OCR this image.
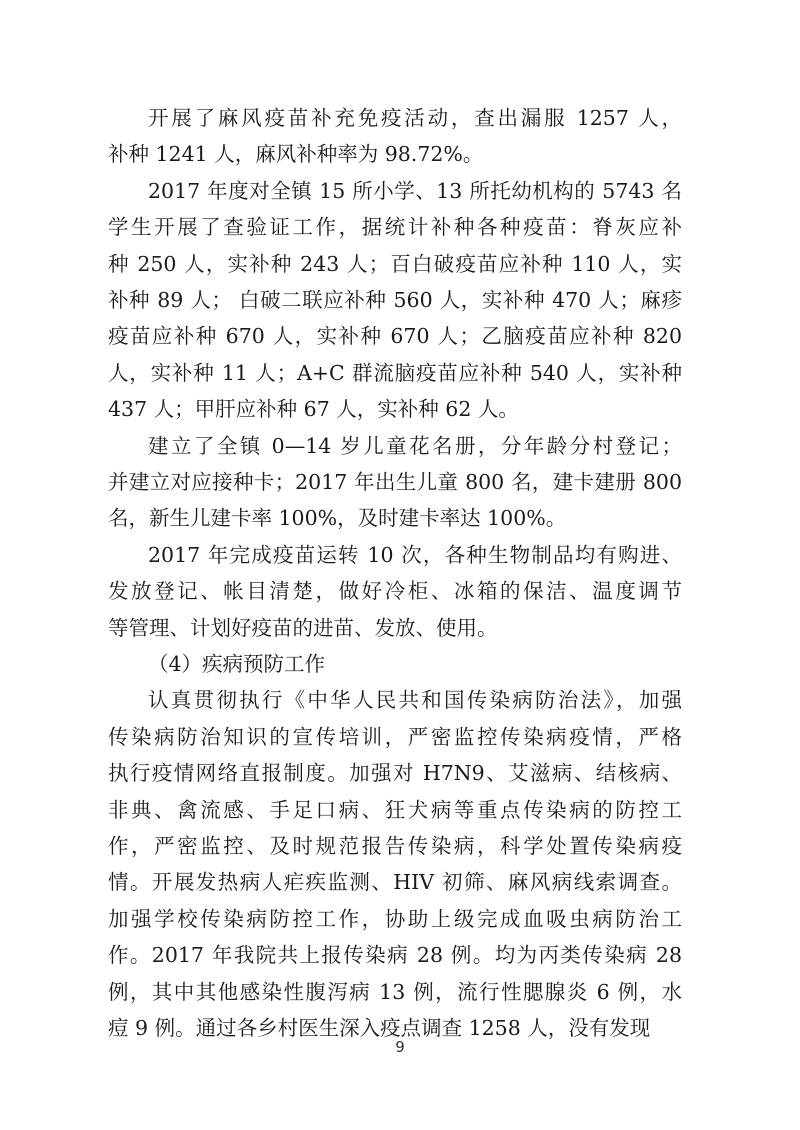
开展了麻风疫苗补充免疫活动，查出漏服 1257 人，
补种 1241 人，麻风补种率为 98.72%。
2017 年度对全镇 15 所小学、13 所托幼机构的 5743 名
学生开展了查验证工作，据统计补种各种疫苗：脊灰应补
种 250 人，实补种 243 人；百白破疫苗应补种 110 人，实
补种 89 人； 白破二联应补种 560 人，实补种 470 人；麻疹
疫苗应补种 670 人，实补种 670 人；乙脑疫苗应补种 820
人，实补种 11 人；A+C 群流脑疫苗应补种 540 人，实补种
437 人；甲肝应补种 67 人，实补种 62 人。
建立了全镇 0—14 岁儿童花名册，分年龄分村登记；
并建立对应接种卡；2017 年出生儿童 800 名，建卡建册 800
名，新生儿建卡率 100%，及时建卡率达 100%。
2017 年完成疫苗运转 10 次，各种生物制品均有购进、
发放登记、帐目清楚，做好冷柜、冰箱的保洁、温度调节
等管理、计划好疫苗的进苗、发放、使用。
（4）疾病预防工作
9
认真贯彻执行《中华人民共和国传染病防治法》，加强
传染病防治知识的宣传培训，严密监控传染病疫情，严格
执行疫情网络直报制度。加强对 H7N9、艾滋病、结核病、
非典、禽流感、手足口病、狂犬病等重点传染病的防控工
作，严密监控、及时规范报告传染病，科学处置传染病疫
情。开展发热病人疟疾监测、HIV 初筛、麻风病线索调查。
加强学校传染病防控工作，协助上级完成血吸虫病防治工
作。2017 年我院共上报传染病 28 例。均为丙类传染病 28
例，其中其他感染性腹泻病 13 例，流行性腮腺炎 6 例，水
痘 9 例。通过各乡村医生深入疫点调查 1258 人，没有发现
